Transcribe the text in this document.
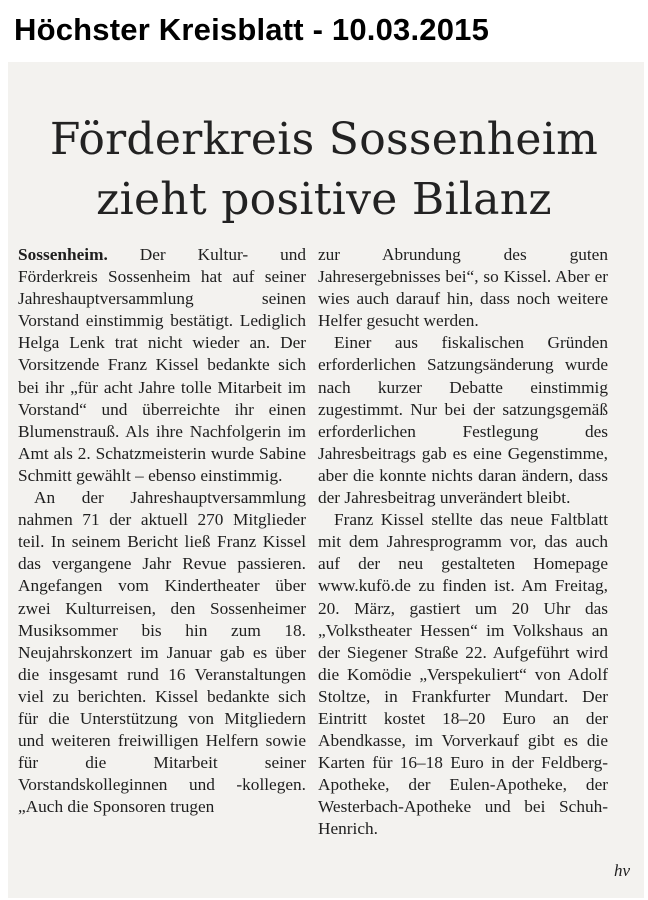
Höchster Kreisblatt - 10.03.2015
Förderkreis Sossenheim
zieht positive Bilanz

Sossenheim. Der Kultur- und Förderkreis Sossenheim hat auf seiner Jahreshauptversammlung seinen Vorstand einstimmig bestätigt. Lediglich Helga Lenk trat nicht wieder an. Der Vorsitzende Franz Kissel bedankte sich bei ihr „für acht Jahre tolle Mitarbeit im Vorstand“ und überreichte ihr einen Blumenstrauß. Als ihre Nachfolgerin im Amt als 2. Schatzmeisterin wurde Sabine Schmitt gewählt – ebenso einstimmig.

An der Jahreshauptversammlung nahmen 71 der aktuell 270 Mitglieder teil. In seinem Bericht ließ Franz Kissel das vergangene Jahr Revue passieren. Angefangen vom Kindertheater über zwei Kulturreisen, den Sossenheimer Musiksommer bis hin zum 18. Neujahrskonzert im Januar gab es über die insgesamt rund 16 Veranstaltungen viel zu berichten. Kissel bedankte sich für die Unterstützung von Mitgliedern und weiteren freiwilligen Helfern sowie für die Mitarbeit seiner Vorstandskolleginnen und -kollegen. „Auch die Sponsoren trugen

zur Abrundung des guten Jahresergebnisses bei“, so Kissel. Aber er wies auch darauf hin, dass noch weitere Helfer gesucht werden.

Einer aus fiskalischen Gründen erforderlichen Satzungsänderung wurde nach kurzer Debatte einstimmig zugestimmt. Nur bei der satzungsgemäß erforderlichen Festlegung des Jahresbeitrags gab es eine Gegenstimme, aber die konnte nichts daran ändern, dass der Jahresbeitrag unverändert bleibt.

Franz Kissel stellte das neue Faltblatt mit dem Jahresprogramm vor, das auch auf der neu gestalteten Homepage www.kufö.de zu finden ist. Am Freitag, 20. März, gastiert um 20 Uhr das „Volkstheater Hessen“ im Volkshaus an der Siegener Straße 22. Aufgeführt wird die Komödie „Verspekuliert“ von Adolf Stoltze, in Frankfurter Mundart. Der Eintritt kostet 18–20 Euro an der Abendkasse, im Vorverkauf gibt es die Karten für 16–18 Euro in der Feldberg-Apotheke, der Eulen-Apotheke, der Westerbach-Apotheke und bei Schuh-Henrich.

hv
